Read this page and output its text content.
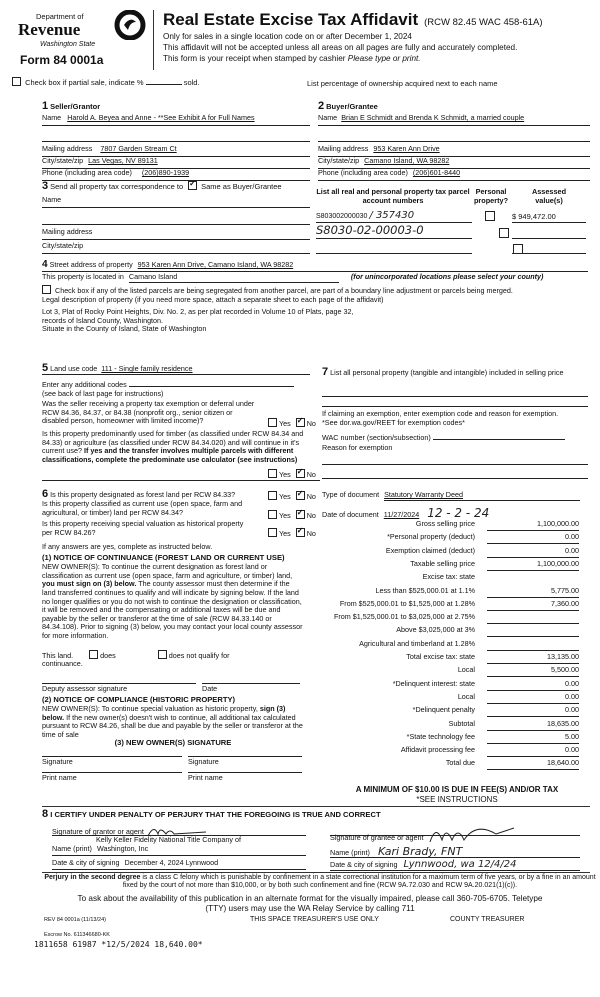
Department of
Revenue
Washington State
Form 84 0001a
Real Estate Excise Tax Affidavit (RCW 82.45 WAC 458-61A)
Only for sales in a single location code on or after December 1, 2024
This affidavit will not be accepted unless all areas on all pages are fully and accurately completed.
This form is your receipt when stamped by cashier Please type or print.
Check box if partial sale, indicate %	sold.	List percentage of ownership acquired next to each name
1 Seller/Grantor
Name Harold A. Beyea and Anne - **See Exhibit A for Full Names
Mailing address 7807 Garden Stream Ct
City/state/zip Las Vegas, NV 89131
Phone (including area code) (206)890-1939
2 Buyer/Grantee
Name Brian E Schmidt and Brenda K Schmidt, a married couple
Mailing address 953 Karen Ann Drive
City/state/zip Camano Island, WA 98282
Phone (including area code) (206)601-8440
3 Send all property tax correspondence to ✓ Same as Buyer/Grantee
Name
Mailing address
City/state/zip
List all real and personal property tax parcel account numbers
Personal property?
Assessed value(s)
S803002000030 / 357430
	$ 949,472.00
S8030-02-00003-0

4 Street address of property 953 Karen Ann Drive, Camano Island, WA 98282
This property is located in Camano Island	(for unincorporated locations please select your county)
Check box if any of the listed parcels are being segregated from another parcel, are part of a boundary line adjustment or parcels being merged.
Legal description of property (if you need more space, attach a separate sheet to each page of the affidavit)
Lot 3, Plat of Rocky Point Heights, Div. No. 2, as per plat recorded in Volume 10 of Plats, page 32,
records of Island County, Washington.
Situate in the County of Island, State of Washington
5 Land use code 111 - Single family residence
Enter any additional codes
(see back of last page for instructions)
Was the seller receiving a property tax exemption or deferral under RCW 84.36, 84.37, or 84.38 (nonprofit org., senior citizen or disabled person, homeowner with limited income)?	Yes ✓ No
Is this property predominantly used for timber (as classified under RCW 84.34 and 84.33) or agriculture (as classified under RCW 84.34.020) and will continue in it's current use? If yes and the transfer involves multiple parcels with different classifications, complete the predominate use calculator (see instructions)
Yes ✓ No
7 List all personal property (tangible and intangible) included in selling price
If claiming an exemption, enter exemption code and reason for exemption. *See dor.wa.gov/REET for exemption codes*
WAC number (section/subsection)
Reason for exemption
6 Is this property designated as forest land per RCW 84.33?	Yes ✓ No
Is this property classified as current use (open space, farm and agricultural, or timber) land per RCW 84.34?	Yes ✓ No
Is this property receiving special valuation as historical property per RCW 84.26?	Yes ✓ No
If any answers are yes, complete as instructed below.
(1) NOTICE OF CONTINUANCE (FOREST LAND OR CURRENT USE)
NEW OWNER(S): To continue the current designation as forest land or classification as current use (open space, farm and agriculture, or timber) land, you must sign on (3) below. The county assessor must then determine if the land transferred continues to qualify and will indicate by signing below. If the land no longer qualifies or you do not wish to continue the designation or classification, it will be removed and the compensating or additional taxes will be due and payable by the seller or transferor at the time of sale (RCW 84.33.140 or 84.34.108). Prior to signing (3) below, you may contact your local county assessor for more information.
This land.	does	does not qualify for
continuance.
Deputy assessor signature	Date
(2) NOTICE OF COMPLIANCE (HISTORIC PROPERTY)
NEW OWNER(S): To continue special valuation as historic property, sign (3) below. If the new owner(s) doesn't wish to continue, all additional tax calculated pursuant to RCW 84.26, shall be due and payable by the seller or transferor at the time of sale
(3) NEW OWNER(S) SIGNATURE
Signature	Signature
Print name	Print name
Type of document Statutory Warranty Deed
Date of document 11/27/2024 12 - 2 - 24
Gross selling price	1,100,000.00
*Personal property (deduct)	0.00
Exemption claimed (deduct)	0.00
Taxable selling price	1,100,000.00
Excise tax: state
Less than $525,000.01 at 1.1%	5,775.00
From $525,000.01 to $1,525,000 at 1.28%	7,360.00
From $1,525,000.01 to $3,025,000 at 2.75%
Above $3,025,000 at 3%
Agricultural and timberland at 1.28%
Total excise tax: state	13,135.00
Local	5,500.00
*Delinquent interest: state	0.00
Local	0.00
*Delinquent penalty	0.00
Subtotal	18,635.00
*State technology fee	5.00
Affidavit processing fee	0.00
Total due	18,640.00
A MINIMUM OF $10.00 IS DUE IN FEE(S) AND/OR TAX
*SEE INSTRUCTIONS
8 I CERTIFY UNDER PENALTY OF PERJURY THAT THE FOREGOING IS TRUE AND CORRECT
Signature of grantor or agent
Kelly Keller Fidelity National Title Company of
Name (print) Washington, Inc
Date & city of signing December 4, 2024 Lynnwood
Signature of grantee or agent
Name (print) Kari Brady, FNT
Date & city of signing Lynnwood, wa 12/4/24
Perjury in the second degree is a class C felony which is punishable by confinement in a state correctional institution for a maximum term of five years, or by a fine in an amount fixed by the court of not more than $10,000, or by both such confinement and fine (RCW 9A.72.030 and RCW 9A.20.021(1)(c)).
To ask about the availability of this publication in an alternate format for the visually impaired, please call 360-705-6705. Teletype
(TTY) users may use the WA Relay Service by calling 711
REV 84 0001a (11/13/24)	THIS SPACE TREASURER'S USE ONLY	COUNTY TREASURER
Escrow No. 611346680-KK
1811658 61987 *12/5/2024 18,640.00*
